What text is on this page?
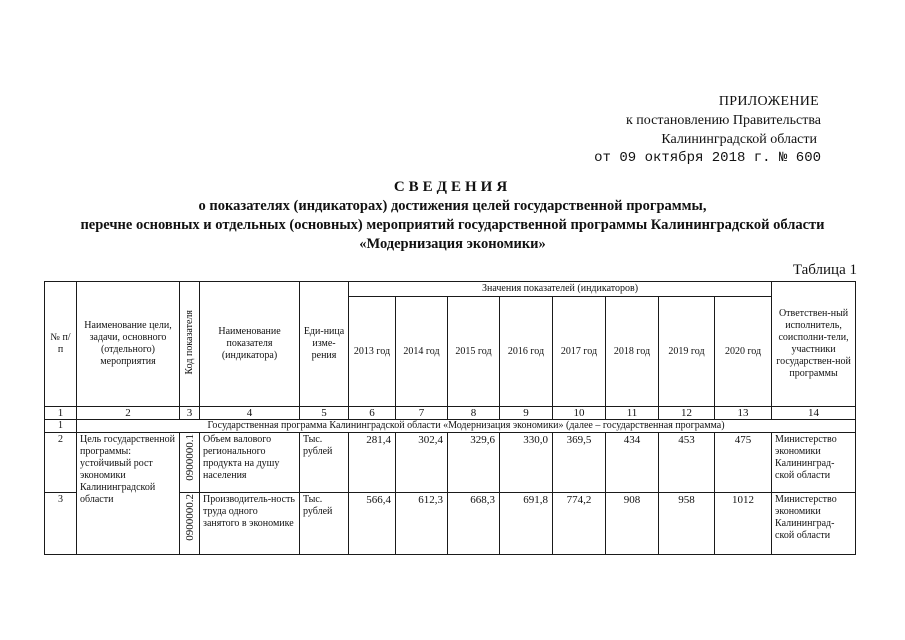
ПРИЛОЖЕНИЕ
к постановлению Правительства
Калининградской области
от 09 октября 2018 г. № 600
СВЕДЕНИЯ
о показателях (индикаторах) достижения целей государственной программы,
перечне основных и отдельных (основных) мероприятий государственной программы Калининградской области
«Модернизация экономики»
Таблица 1
№ п/п	Наименование цели, задачи, основного (отдельного) мероприятия	Код показателя	Наименование показателя (индикатора)	Еди-ница изме-рения	Значения показателей (индикаторов)								Ответствен-ный исполнитель, соисполни-тели, участники государствен-ной программы
					2013 год	2014 год	2015 год	2016 год	2017 год	2018 год	2019 год	2020 год	
1	2	3	4	5	6	7	8	9	10	11	12	13	14
1	Государственная программа Калининградской области «Модернизация экономики» (далее – государственная программа)												
2	Цель государственной программы: устойчивый рост экономики Калининградской области	0900000.1	Объем валового регионального продукта на душу населения	Тыс. рублей	281,4	302,4	329,6	330,0	369,5	434	453	475	Министерство экономики Калининград-ской области
3		0900000.2	Производитель-ность труда одного занятого в экономике	Тыс. рублей	566,4	612,3	668,3	691,8	774,2	908	958	1012	Министерство экономики Калининград-ской области
